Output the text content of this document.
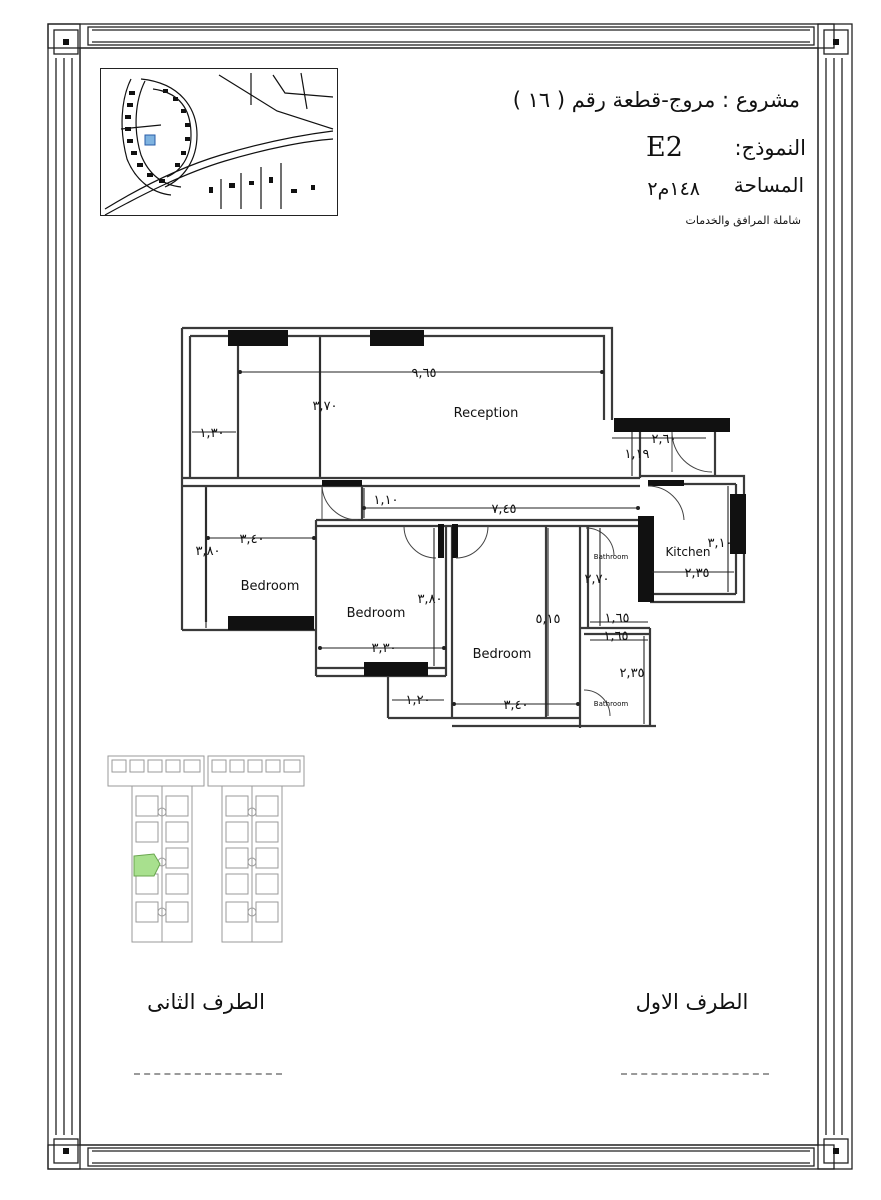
مشروع : مروج-قطعة رقم ( ١٦ )
النموذج:
E2
المساحة
١٤٨م٢
شاملة المرافق والخدمات
Reception
Bedroom
Bedroom
Bedroom
Kitchen
Bathroom
Bathroom
٩,٦٥
٣,٧٠
١,٣٠	٢,٦٠
١,١٩
٧,٤٥
١,١٠
٣,٤٠
٣,٨٠
٣,٣٠
٣,٨٠
٥,١٥
٣,٤٠
١,٢٠
٢,٣٥
٣,١٠
٢,٧٠
١,٦٥
١,٦٥
٢,٣٥
الطرف الثانى	الطرف الاول
